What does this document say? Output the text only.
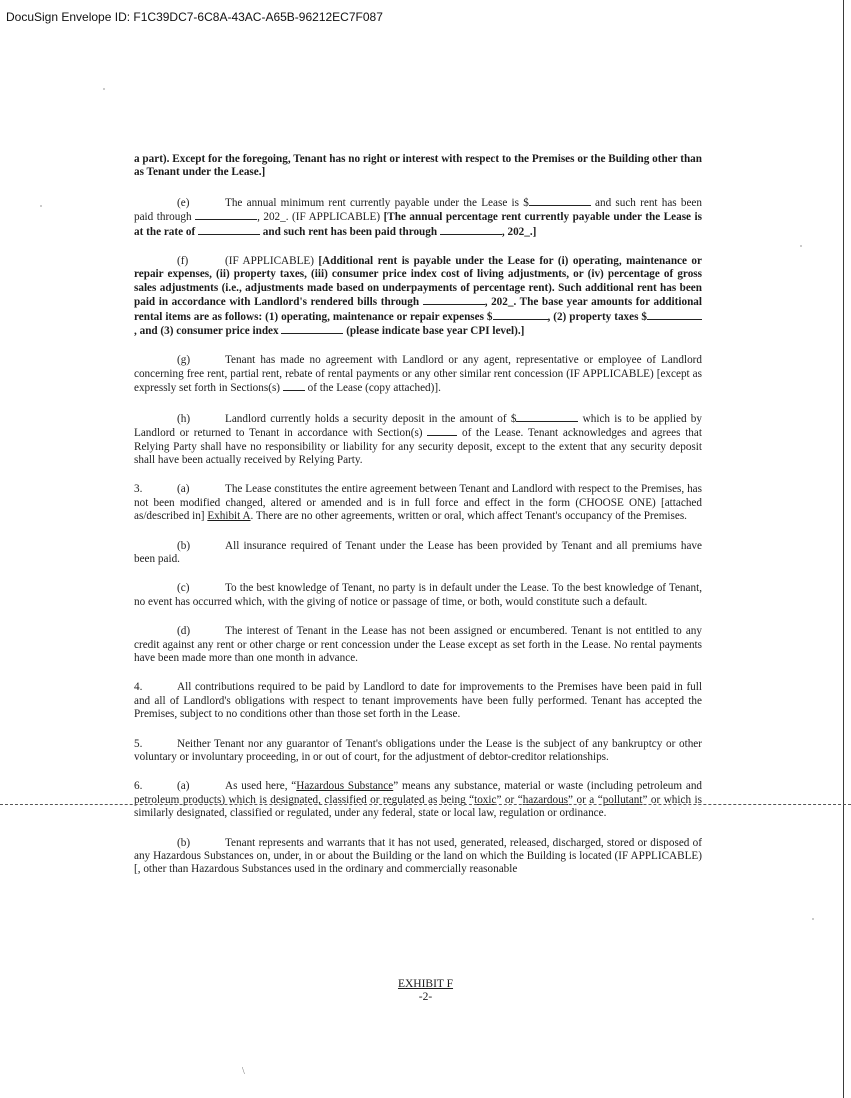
DocuSign Envelope ID: F1C39DC7-6C8A-43AC-A65B-96212EC7F087
\

a part). Except for the foregoing, Tenant has no right or interest with respect to the Premises or the Building other than as Tenant under the Lease.]

(e)	The annual minimum rent currently payable under the Lease is $	and such rent has been paid through	, 202_. (IF APPLICABLE) [The annual percentage rent currently payable under the Lease is at the rate of	and such rent has been paid through	, 202_.]

(f)	(IF APPLICABLE) [Additional rent is payable under the Lease for (i) operating, maintenance or repair expenses, (ii) property taxes, (iii) consumer price index cost of living adjustments, or (iv) percentage of gross sales adjustments (i.e., adjustments made based on underpayments of percentage rent). Such additional rent has been paid in accordance with Landlord's rendered bills through	, 202_. The base year amounts for additional rental items are as follows: (1) operating, maintenance or repair expenses $	, (2) property taxes $, and (3) consumer price index	(please indicate base year CPI level).]

(g)	Tenant has made no agreement with Landlord or any agent, representative or employee of Landlord concerning free rent, partial rent, rebate of rental payments or any other similar rent concession (IF APPLICABLE) [except as expressly set forth in Sections(s)  of the Lease (copy attached)].

(h)	Landlord currently holds a security deposit in the amount of $	which is to be applied by Landlord or returned to Tenant in accordance with Section(s)	of the Lease. Tenant acknowledges and agrees that Relying Party shall have no responsibility or liability for any security deposit, except to the extent that any security deposit shall have been actually received by Relying Party.

3.	(a)	The Lease constitutes the entire agreement between Tenant and Landlord with respect to the Premises, has not been modified changed, altered or amended and is in full force and effect in the form (CHOOSE ONE) [attached as/described in] Exhibit A. There are no other agreements, written or oral, which affect Tenant's occupancy of the Premises.

(b)	All insurance required of Tenant under the Lease has been provided by Tenant and all premiums have been paid.

(c)	To the best knowledge of Tenant, no party is in default under the Lease. To the best knowledge of Tenant, no event has occurred which, with the giving of notice or passage of time, or both, would constitute such a default.

(d)	The interest of Tenant in the Lease has not been assigned or encumbered. Tenant is not entitled to any credit against any rent or other charge or rent concession under the Lease except as set forth in the Lease. No rental payments have been made more than one month in advance.

4.	All contributions required to be paid by Landlord to date for improvements to the Premises have been paid in full and all of Landlord's obligations with respect to tenant improvements have been fully performed. Tenant has accepted the Premises, subject to no conditions other than those set forth in the Lease.

5.	Neither Tenant nor any guarantor of Tenant's obligations under the Lease is the subject of any bankruptcy or other voluntary or involuntary proceeding, in or out of court, for the adjustment of debtor-creditor relationships.

6.	(a)	As used here, “Hazardous Substance” means any substance, material or waste (including petroleum and petroleum products) which is designated, classified or regulated as being “toxic” or “hazardous” or a “pollutant” or which is similarly designated, classified or regulated, under any federal, state or local law, regulation or ordinance.

(b)	Tenant represents and warrants that it has not used, generated, released, discharged, stored or disposed of any Hazardous Substances on, under, in or about the Building or the land on which the Building is located (IF APPLICABLE) [, other than Hazardous Substances used in the ordinary and commercially reasonable

EXHIBIT F
-2-
